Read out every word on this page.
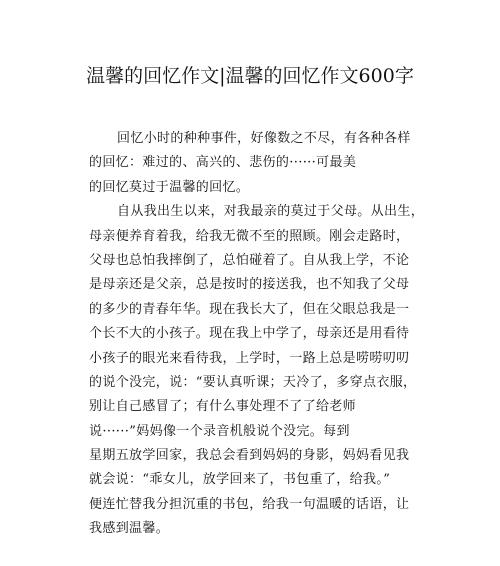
温馨的回忆作文|温馨的回忆作文600字
回忆小时的种种事件，好像数之不尽，有各种各样
的回忆：难过的、高兴的、悲伤的······可最美
的回忆莫过于温馨的回忆。
自从我出生以来，对我最亲的莫过于父母。从出生，
母亲便养育着我，给我无微不至的照顾。刚会走路时，
父母也总怕我摔倒了，总怕碰着了。自从我上学，不论
是母亲还是父亲，总是按时的接送我，也不知我了父母
的多少的青春年华。现在我长大了，但在父眼总我是一
个长不大的小孩子。现在我上中学了，母亲还是用看待
小孩子的眼光来看待我，上学时，一路上总是唠唠叨叨
的说个没完，说：“要认真听课；天冷了，多穿点衣服，
别让自己感冒了；有什么事处理不了了给老师
说······”妈妈像一个录音机般说个没完。每到
星期五放学回家，我总会看到妈妈的身影，妈妈看见我
就会说：“乖女儿，放学回来了，书包重了，给我。”
便连忙替我分担沉重的书包，给我一句温暖的话语，让
我感到温馨。
